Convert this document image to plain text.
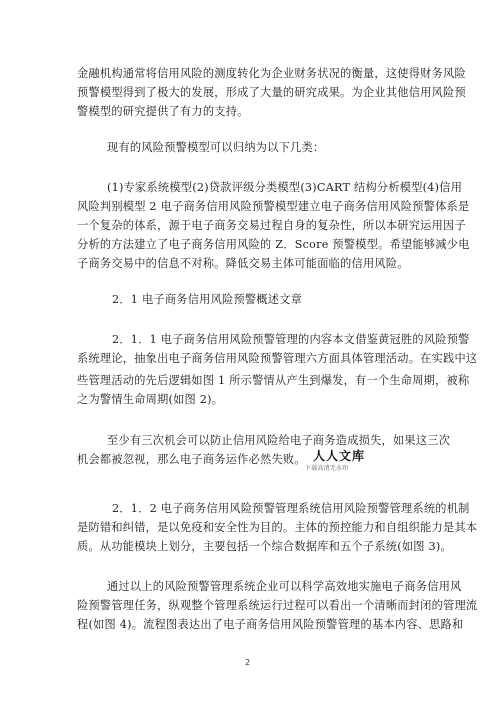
金融机构通常将信用风险的测度转化为企业财务状况的衡量，这使得财务风险
预警模型得到了极大的发展，形成了大量的研究成果。为企业其他信用风险预
警模型的研究提供了有力的支持。
现有的风险预警模型可以归纳为以下几类：
(1)专家系统模型(2)贷款评级分类模型(3)CART 结构分析模型(4)信用
风险判别模型 2 电子商务信用风险预警模型建立电子商务信用风险预警体系是
一个复杂的体系，源于电子商务交易过程自身的复杂性，所以本研究运用因子
分析的方法建立了电子商务信用风险的 Z．Score 预警模型。希望能够减少电
子商务交易中的信息不对称。降低交易主体可能面临的信用风险。
2．1 电子商务信用风险预警概述文章
2．1．1 电子商务信用风险预警管理的内容本文借鉴黄冠胜的风险预警
系统理论，抽象出电子商务信用风险预警管理六方面具体管理活动。在实践中这
些管理活动的先后逻辑如图 1 所示警情从产生到爆发，有一个生命周期，被称
之为警情生命周期(如图 2)。
至少有三次机会可以防止信用风险给电子商务造成损失，如果这三次
机会都被忽视，那么电子商务运作必然失败。 人人文库
下载高清无水印
2．1．2 电子商务信用风险预警管理系统信用风险预警管理系统的机制
是防错和纠错，是以免疫和安全性为目的。主体的预控能力和自组织能力是其本
质。从功能模块上划分，主要包括一个综合数据库和五个子系统(如图 3)。
通过以上的风险预警管理系统企业可以科学高效地实施电子商务信用风
险预警管理任务，纵观整个管理系统运行过程可以看出一个清晰而封闭的管理流
程(如图 4)。流程图表达出了电子商务信用风险预警管理的基本内容、思路和
2
